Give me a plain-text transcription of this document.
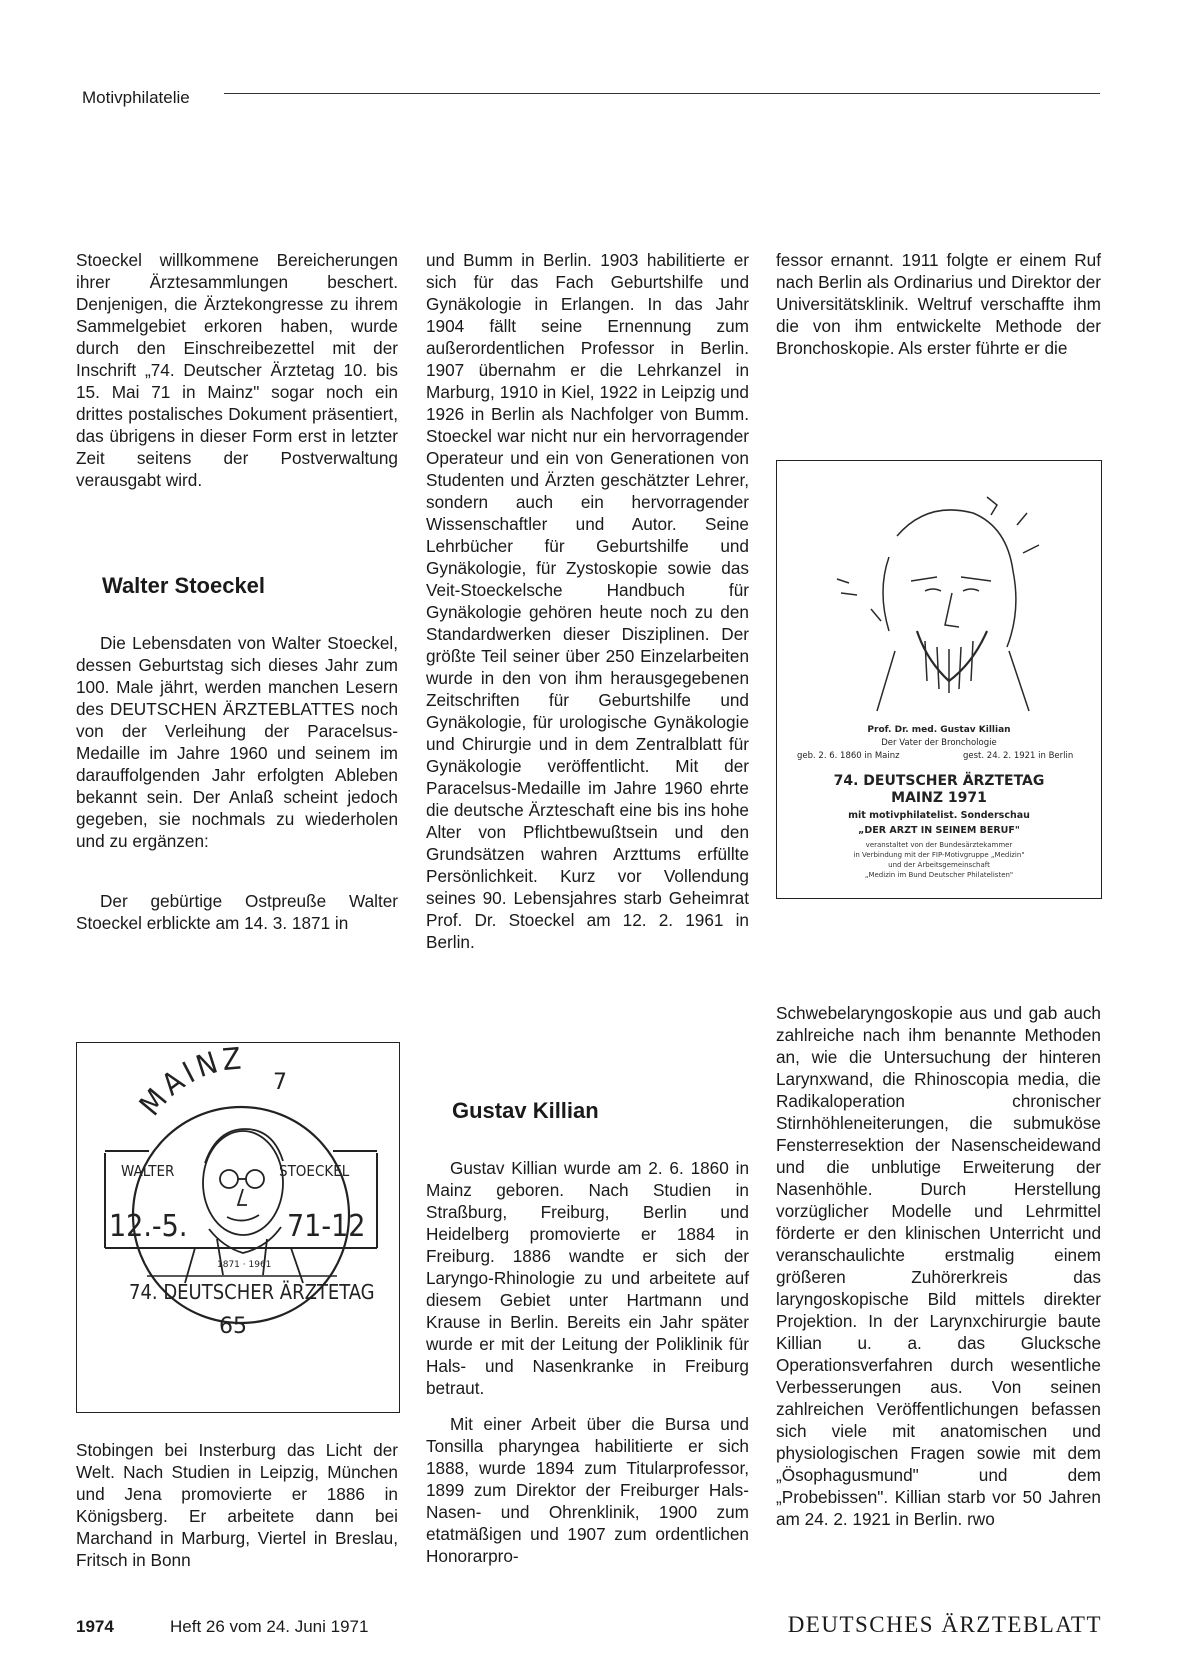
Motivphilatelie

Stoeckel willkommene Bereicherungen ihrer Ärztesammlungen beschert. Denjenigen, die Ärztekongresse zu ihrem Sammelgebiet erkoren haben, wurde durch den Einschreibezettel mit der Inschrift „74. Deutscher Ärztetag 10. bis 15. Mai 71 in Mainz" sogar noch ein drittes postalisches Dokument präsentiert, das übrigens in dieser Form erst in letzter Zeit seitens der Postverwaltung verausgabt wird.

Walter Stoeckel

Die Lebensdaten von Walter Stoeckel, dessen Geburtstag sich dieses Jahr zum 100. Male jährt, werden manchen Lesern des DEUTSCHEN ÄRZTEBLATTES noch von der Verleihung der Paracelsus-Medaille im Jahre 1960 und seinem im darauffolgenden Jahr erfolgten Ableben bekannt sein. Der Anlaß scheint jedoch gegeben, sie nochmals zu wiederholen und zu ergänzen:

Der gebürtige Ostpreuße Walter Stoeckel erblickte am 14. 3. 1871 in

MAINZ
WALTER	STOECKEL
7
12.-5.	71-12
1871 · 1961
74. DEUTSCHER ÄRZTETAG
65

Stobingen bei Insterburg das Licht der Welt. Nach Studien in Leipzig, München und Jena promovierte er 1886 in Königsberg. Er arbeitete dann bei Marchand in Marburg, Viertel in Breslau, Fritsch in Bonn

und Bumm in Berlin. 1903 habilitierte er sich für das Fach Geburtshilfe und Gynäkologie in Erlangen. In das Jahr 1904 fällt seine Ernennung zum außerordentlichen Professor in Berlin. 1907 übernahm er die Lehrkanzel in Marburg, 1910 in Kiel, 1922 in Leipzig und 1926 in Berlin als Nachfolger von Bumm. Stoeckel war nicht nur ein hervorragender Operateur und ein von Generationen von Studenten und Ärzten geschätzter Lehrer, sondern auch ein hervorragender Wissenschaftler und Autor. Seine Lehrbücher für Geburtshilfe und Gynäkologie, für Zystoskopie sowie das Veit-Stoeckelsche Handbuch für Gynäkologie gehören heute noch zu den Standardwerken dieser Disziplinen. Der größte Teil seiner über 250 Einzelarbeiten wurde in den von ihm herausgegebenen Zeitschriften für Geburtshilfe und Gynäkologie, für urologische Gynäkologie und Chirurgie und in dem Zentralblatt für Gynäkologie veröffentlicht. Mit der Paracelsus-Medaille im Jahre 1960 ehrte die deutsche Ärzteschaft eine bis ins hohe Alter von Pflichtbewußtsein und den Grundsätzen wahren Arzttums erfüllte Persönlichkeit. Kurz vor Vollendung seines 90. Lebensjahres starb Geheimrat Prof. Dr. Stoeckel am 12. 2. 1961 in Berlin.

Gustav Killian

Gustav Killian wurde am 2. 6. 1860 in Mainz geboren. Nach Studien in Straßburg, Freiburg, Berlin und Heidelberg promovierte er 1884 in Freiburg. 1886 wandte er sich der Laryngo-Rhinologie zu und arbeitete auf diesem Gebiet unter Hartmann und Krause in Berlin. Bereits ein Jahr später wurde er mit der Leitung der Poliklinik für Hals- und Nasenkranke in Freiburg betraut.

Mit einer Arbeit über die Bursa und Tonsilla pharyngea habilitierte er sich 1888, wurde 1894 zum Titularprofessor, 1899 zum Direktor der Freiburger Hals-Nasen- und Ohrenklinik, 1900 zum etatmäßigen und 1907 zum ordentlichen Honorarpro-

fessor ernannt. 1911 folgte er einem Ruf nach Berlin als Ordinarius und Direktor der Universitätsklinik. Weltruf verschaffte ihm die von ihm entwickelte Methode der Bronchoskopie. Als erster führte er die

Prof. Dr. med. Gustav Killian
Der Vater der Bronchologie
geb. 2. 6. 1860 in Mainz	gest. 24. 2. 1921 in Berlin
74. DEUTSCHER ÄRZTETAG
MAINZ 1971
mit motivphilatelist. Sonderschau
„DER ARZT IN SEINEM BERUF"
veranstaltet von der Bundesärztekammer
in Verbindung mit der FIP-Motivgruppe „Medizin"
und der Arbeitsgemeinschaft
„Medizin im Bund Deutscher Philatelisten"

Schwebelaryngoskopie aus und gab auch zahlreiche nach ihm benannte Methoden an, wie die Untersuchung der hinteren Larynxwand, die Rhinoscopia media, die Radikaloperation chronischer Stirnhöhleneiterungen, die submuköse Fensterresektion der Nasenscheidewand und die unblutige Erweiterung der Nasenhöhle. Durch Herstellung vorzüglicher Modelle und Lehrmittel förderte er den klinischen Unterricht und veranschaulichte erstmalig einem größeren Zuhörerkreis das laryngoskopische Bild mittels direkter Projektion. In der Larynxchirurgie baute Killian u. a. das Glucksche Operationsverfahren durch wesentliche Verbesserungen aus. Von seinen zahlreichen Veröffentlichungen befassen sich viele mit anatomischen und physiologischen Fragen sowie mit dem „Ösophagusmund" und dem „Probebissen". Killian starb vor 50 Jahren am 24. 2. 1921 in Berlin. rwo

1974	Heft 26 vom 24. Juni 1971	DEUTSCHES ÄRZTEBLATT
